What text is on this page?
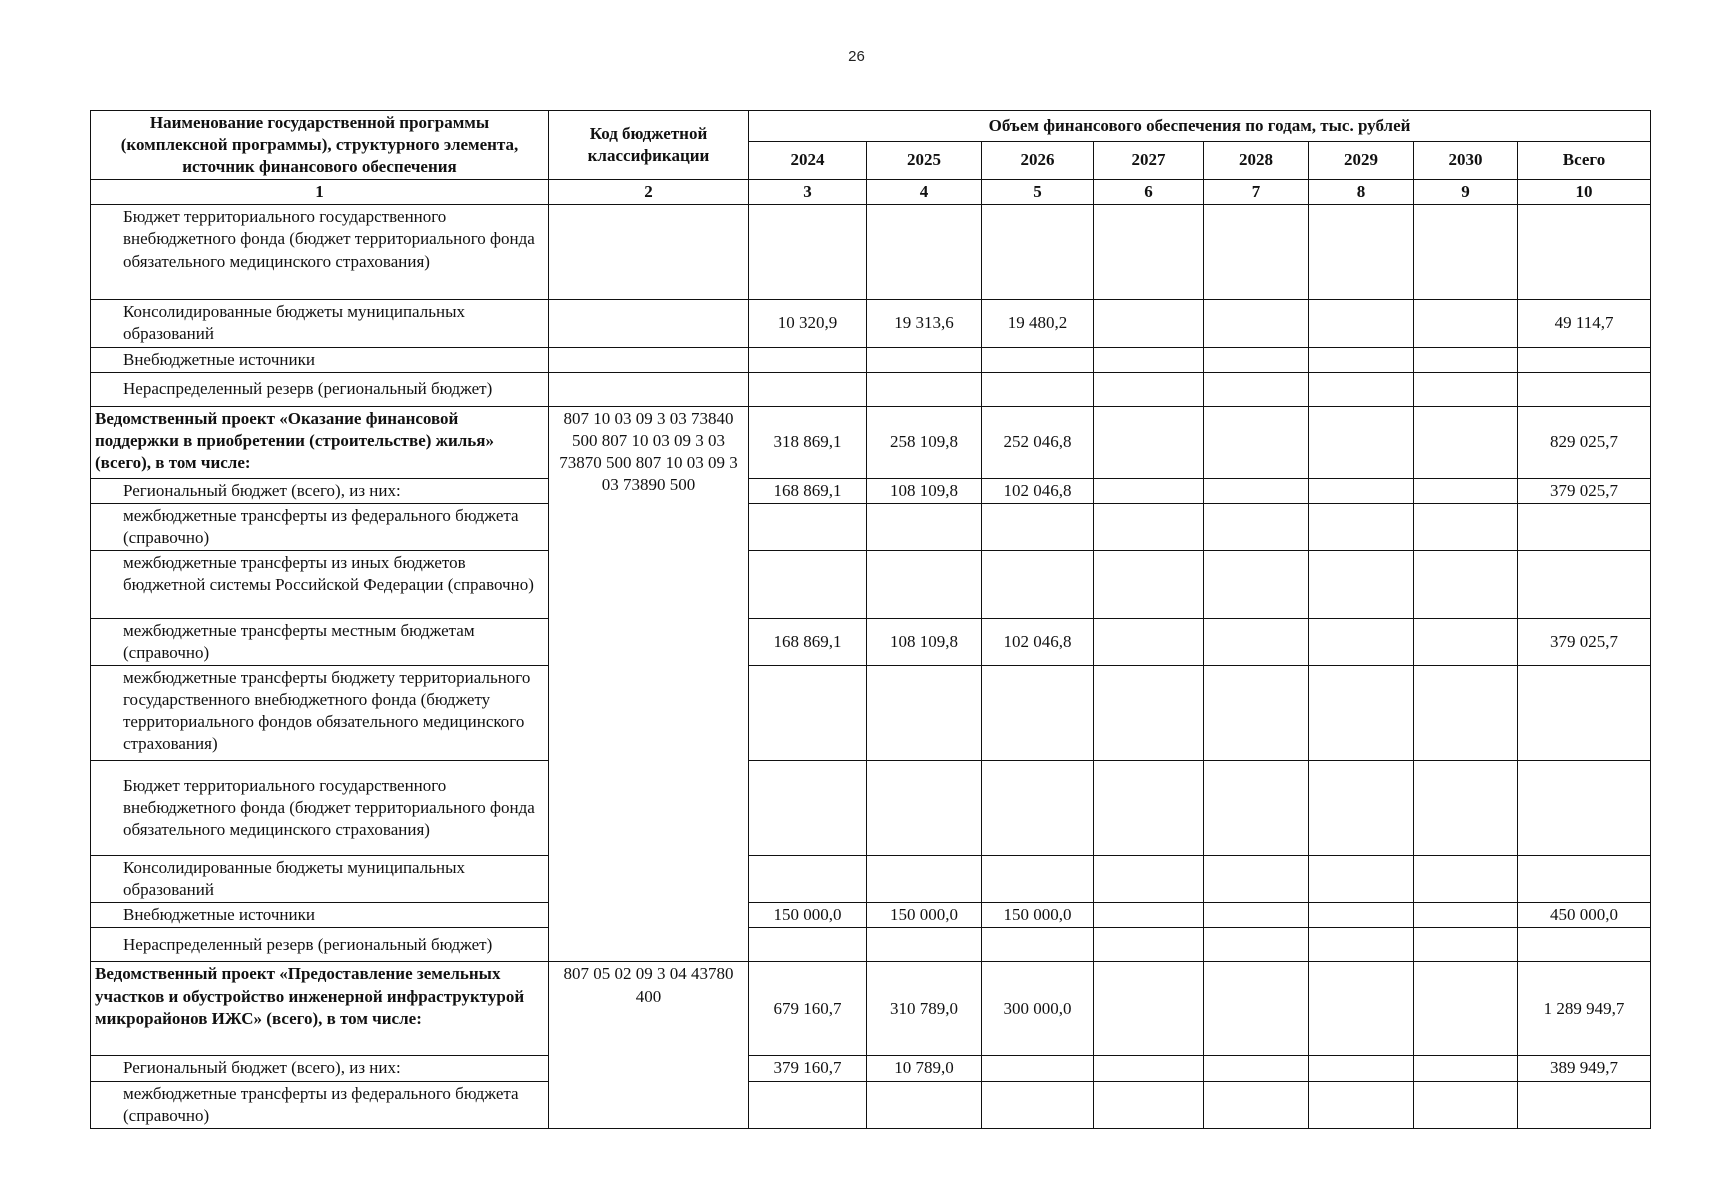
26
Наименование государственной программы (комплексной программы), структурного элемента, источник финансового обеспечения	Код бюджетной классификации	Объем финансового обеспечения по годам, тыс. рублей							
		2024	2025	2026	2027	2028	2029	2030	Всего
1	2	3	4	5	6	7	8	9	10
Бюджет территориального государственного внебюджетного фонда (бюджет территориального фонда обязательного медицинского страхования)									
Консолидированные бюджеты муниципальных образований		10 320,9	19 313,6	19 480,2					49 114,7
Внебюджетные источники									
Нераспределенный резерв (региональный бюджет)									
Ведомственный проект «Оказание финансовой поддержки в приобретении (строительстве) жилья» (всего), в том числе:	807 10 03 09 3 03 73840 500 807 10 03 09 3 03 73870 500 807 10 03 09 3 03 73890 500	318 869,1	258 109,8	252 046,8					829 025,7
Региональный бюджет (всего), из них:		168 869,1	108 109,8	102 046,8					379 025,7
межбюджетные трансферты из федерального бюджета (справочно)									
межбюджетные трансферты из иных бюджетов бюджетной системы Российской Федерации (справочно)									
межбюджетные трансферты местным бюджетам (справочно)		168 869,1	108 109,8	102 046,8					379 025,7
межбюджетные трансферты бюджету территориального государственного внебюджетного фонда (бюджету территориального фондов обязательного медицинского страхования)									
Бюджет территориального государственного внебюджетного фонда (бюджет территориального фонда обязательного медицинского страхования)									
Консолидированные бюджеты муниципальных образований									
Внебюджетные источники		150 000,0	150 000,0	150 000,0					450 000,0
Нераспределенный резерв (региональный бюджет)									
Ведомственный проект «Предоставление земельных участков и обустройство инженерной инфраструктурой микрорайонов ИЖС» (всего), в том числе:	807 05 02 09 3 04 43780 400	679 160,7	310 789,0	300 000,0					1 289 949,7
Региональный бюджет (всего), из них:		379 160,7	10 789,0						389 949,7
межбюджетные трансферты из федерального бюджета (справочно)									
